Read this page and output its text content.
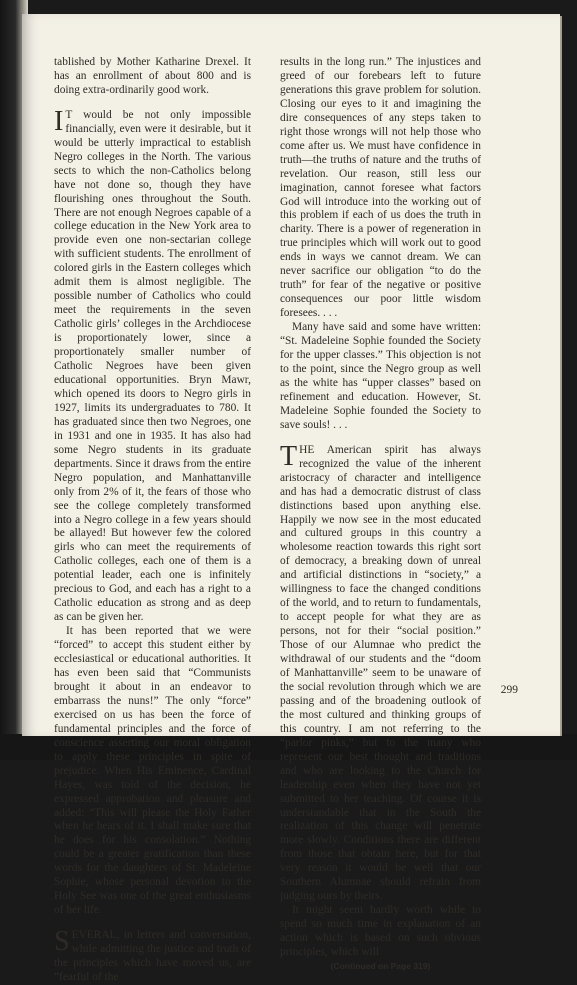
tablished by Mother Katharine Drexel. It has an enrollment of about 800 and is doing extra-ordinarily good work.

I T would be not only impossible financially, even were it desirable, but it would be utterly impractical to establish Negro colleges in the North. The various sects to which the non-Catholics belong have not done so, though they have flourishing ones throughout the South. There are not enough Negroes capable of a college education in the New York area to provide even one non-sectarian college with sufficient students. The enrollment of colored girls in the Eastern colleges which admit them is almost negligible. The possible number of Catholics who could meet the requirements in the seven Catholic girls’ colleges in the Archdiocese is proportionately lower, since a proportionately smaller number of Catholic Negroes have been given educational opportunities. Bryn Mawr, which opened its doors to Negro girls in 1927, limits its undergraduates to 780. It has graduated since then two Negroes, one in 1931 and one in 1935. It has also had some Negro students in its graduate departments. Since it draws from the entire Negro population, and Manhattanville only from 2% of it, the fears of those who see the college completely transformed into a Negro college in a few years should be allayed! But however few the colored girls who can meet the requirements of Catholic colleges, each one of them is a potential leader, each one is infinitely precious to God, and each has a right to a Catholic education as strong and as deep as can be given her.

It has been reported that we were “forced” to accept this student either by ecclesiastical or educational authorities. It has even been said that “Communists brought it about in an endeavor to embarrass the nuns!” The only “force” exercised on us has been the force of fundamental principles and the force of conscience asserting our moral obligation to apply these principles in spite of prejudice. When His Eminence, Cardinal Hayes, was told of the decision, he expressed approbation and pleasure and added: “This will please the Holy Father when he hears of it. I shall make sure that he does for his consolation.” Nothing could be a greater gratification than these words for the daughters of St. Madeleine Sophie, whose personal devotion to the Holy See was one of the great enthusiasms of her life.

SEVERAL, in letters and conversation, while admitting the justice and truth of the principles which have moved us, are “fearful of the

results in the long run.” The injustices and greed of our forebears left to future generations this grave problem for solution. Closing our eyes to it and imagining the dire consequences of any steps taken to right those wrongs will not help those who come after us. We must have confidence in truth—the truths of nature and the truths of revelation. Our reason, still less our imagination, cannot foresee what factors God will introduce into the working out of this problem if each of us does the truth in charity. There is a power of regeneration in true principles which will work out to good ends in ways we cannot dream. We can never sacrifice our obligation “to do the truth” for fear of the negative or positive consequences our poor little wisdom foresees. . . .

Many have said and some have written: “St. Madeleine Sophie founded the Society for the upper classes.” This objection is not to the point, since the Negro group as well as the white has “upper classes” based on refinement and education. However, St. Madeleine Sophie founded the Society to save souls! . . .

THE American spirit has always recognized the value of the inherent aristocracy of character and intelligence and has had a democratic distrust of class distinctions based upon anything else. Happily we now see in the most educated and cultured groups in this country a wholesome reaction towards this right sort of democracy, a breaking down of unreal and artificial distinctions in “society,” a willingness to face the changed conditions of the world, and to return to fundamentals, to accept people for what they are as persons, not for their “social position.” Those of our Alumnae who predict the withdrawal of our students and the “doom of Manhattanville” seem to be unaware of the social revolution through which we are passing and of the broadening outlook of the most cultured and thinking groups of this country. I am not referring to the “parlor pinks,” but to the many who represent our best thought and traditions and who are looking to the Church for leadership even when they have not yet submitted to her teaching. Of course it is understandable that in the South the realization of this change will penetrate more slowly. Conditions there are different from those that obtain here, but for that very reason it would be well that our Southern Alumnae should refrain from judging ours by theirs.

It might seem hardly worth while to spend so much time in explanation of an action which is based on such obvious principles, which will

(Continued on Page 319)
299
